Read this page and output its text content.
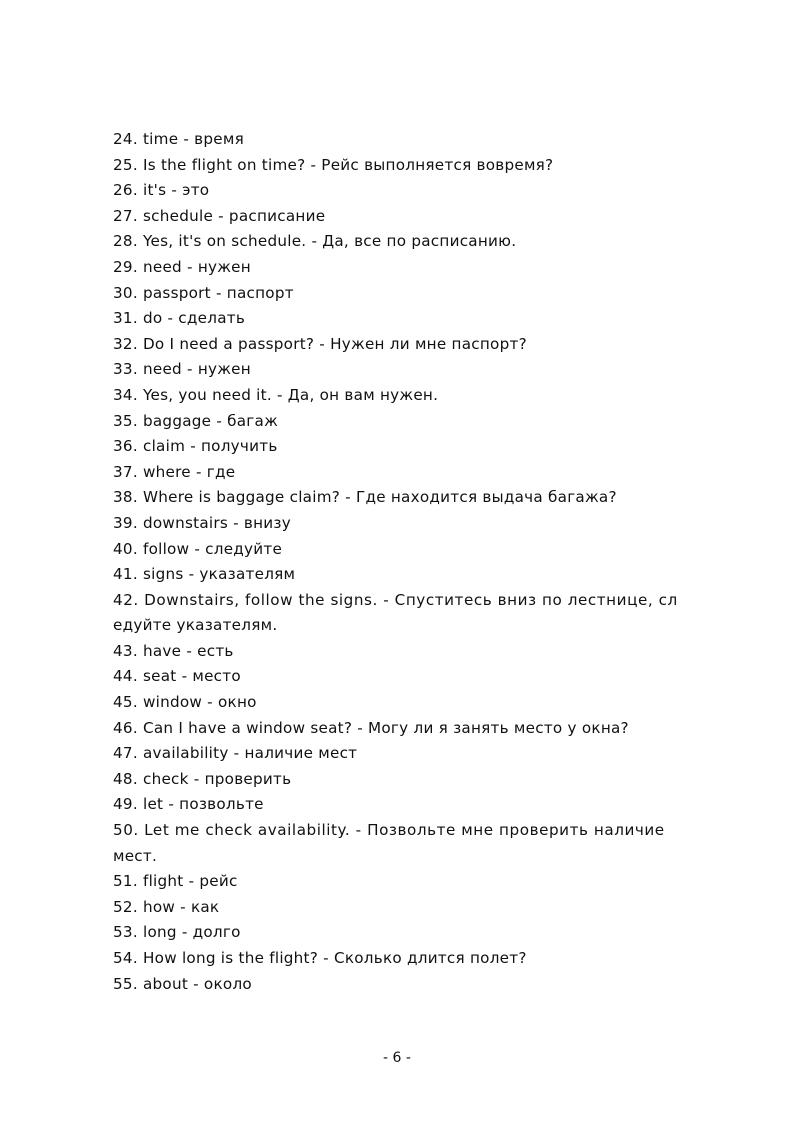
24. time - время
25. Is the flight on time? - Рейс выполняется вовремя?
26. it's - это
27. schedule - расписание
28. Yes, it's on schedule. - Да, все по расписанию.
29. need - нужен
30. passport - паспорт
31. do - сделать
32. Do I need a passport? - Нужен ли мне паспорт?
33. need - нужен
34. Yes, you need it. - Да, он вам нужен.
35. baggage - багаж
36. claim - получить
37. where - где
38. Where is baggage claim? - Где находится выдача багажа?
39. downstairs - внизу
40. follow - следуйте
41. signs - указателям
42. Downstairs, follow the signs. - Спуститесь вниз по лестнице, сл
едуйте указателям.
43. have - есть
44. seat - место
45. window - окно
46. Can I have a window seat? - Могу ли я занять место у окна?
47. availability - наличие мест
48. check - проверить
49. let - позвольте
50. Let me check availability. - Позвольте мне проверить наличие
мест.
51. flight - рейс
52. how - как
53. long - долго
54. How long is the flight? - Сколько длится полет?
55. about - около
- 6 -
